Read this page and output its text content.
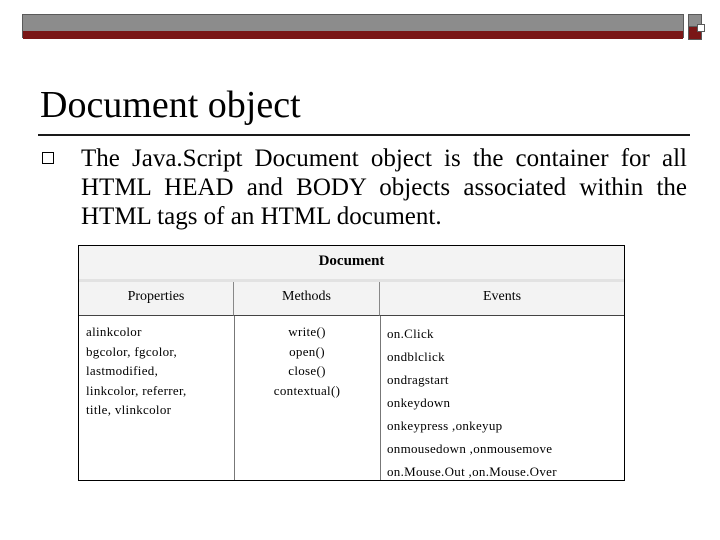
Document object
The Java.Script Document object is the container for all HTML HEAD and BODY objects associated within the HTML tags of an HTML document.
Document
Properties	Methods	Events
alinkcolor
bgcolor, fgcolor,
lastmodified,
linkcolor, referrer,
title, vlinkcolor
write()
open()
close()
contextual()
on.Click
ondblclick
ondragstart
onkeydown
onkeypress ,onkeyup
onmousedown ,onmousemove
on.Mouse.Out ,on.Mouse.Over
